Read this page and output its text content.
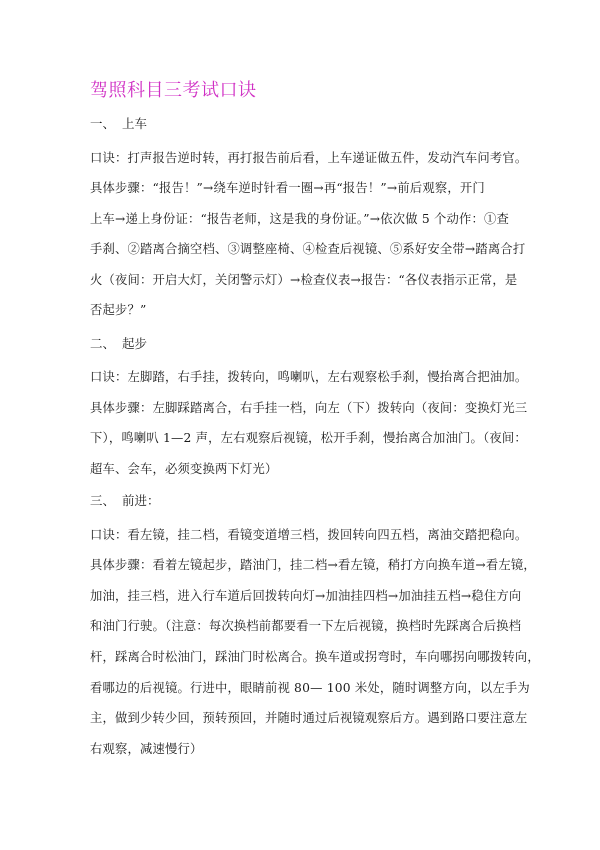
驾照科目三考试口诀
一、 上车
口诀：打声报告逆时转，再打报告前后看，上车递证做五件，发动汽车问考官。
具体步骤：“报告！”→绕车逆时针看一圈→再“报告！”→前后观察，开门
上车→递上身份证：“报告老师，这是我的身份证。”→依次做 5 个动作：①查
手刹、②踏离合摘空档、③调整座椅、④检查后视镜、⑤系好安全带→踏离合打
火（夜间：开启大灯，关闭警示灯）→检查仪表→报告：“各仪表指示正常，是
否起步？”
二、 起步
口诀：左脚踏，右手挂，拨转向，鸣喇叭，左右观察松手刹，慢抬离合把油加。
具体步骤：左脚踩踏离合，右手挂一档，向左（下）拨转向（夜间：变换灯光三
下），鸣喇叭 1—2 声，左右观察后视镜，松开手刹，慢抬离合加油门。（夜间：
超车、会车，必须变换两下灯光）
三、 前进：
口诀：看左镜，挂二档，看镜变道增三档，拨回转向四五档，离油交踏把稳向。
具体步骤：看着左镜起步，踏油门，挂二档→看左镜，稍打方向换车道→看左镜，
加油，挂三档，进入行车道后回拨转向灯→加油挂四档→加油挂五档→稳住方向
和油门行驶。（注意：每次换档前都要看一下左后视镜，换档时先踩离合后换档
杆，踩离合时松油门，踩油门时松离合。换车道或拐弯时，车向哪拐向哪拨转向，
看哪边的后视镜。行进中，眼睛前视 80— 100 米处，随时调整方向，以左手为
主，做到少转少回，预转预回，并随时通过后视镜观察后方。遇到路口要注意左
右观察，减速慢行）
